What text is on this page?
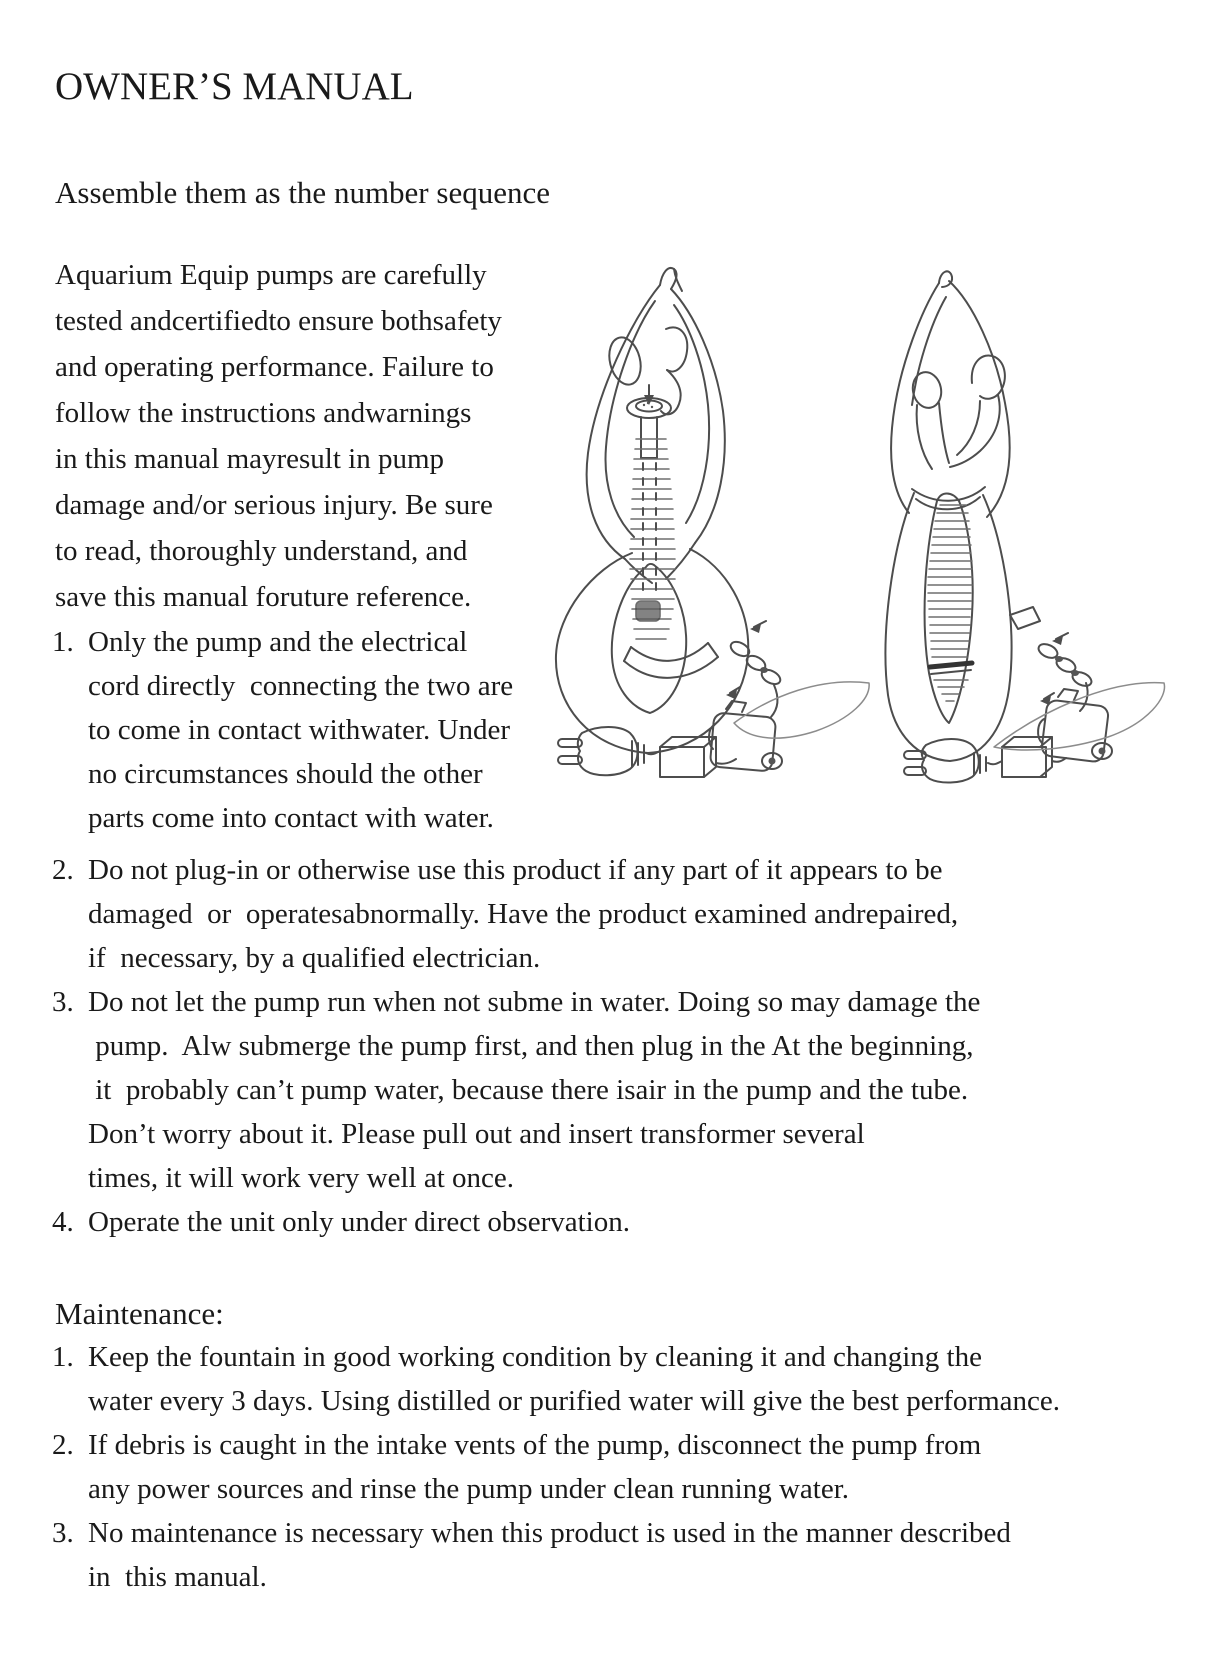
OWNER’S MANUAL
Assemble them as the number sequence
Aquarium Equip pumps are carefully
tested andcertifiedto ensure bothsafety
and operating performance. Failure to
follow the instructions andwarnings
in this manual mayresult in pump
damage and/or serious injury. Be sure
to read, thoroughly understand, and
save this manual foruture reference.
1. Only the pump and the electrical
cord directly  connecting the two are
to come in contact withwater. Under
no circumstances should the other
parts come into contact with water.
2. Do not plug-in or otherwise use this product if any part of it appears to be
damaged  or  operatesabnormally. Have the product examined andrepaired,
if  necessary, by a qualified electrician.
3. Do not let the pump run when not subme in water. Doing so may damage the
pump.  Alw submerge the pump first, and then plug in the At the beginning,
it  probably can’t pump water, because there isair in the pump and the tube.
Don’t worry about it. Please pull out and insert transformer several
times, it will work very well at once.
4. Operate the unit only under direct observation.
Maintenance:
1. Keep the fountain in good working condition by cleaning it and changing the
water every 3 days. Using distilled or purified water will give the best performance.
2. If debris is caught in the intake vents of the pump, disconnect the pump from
any power sources and rinse the pump under clean running water.
3. No maintenance is necessary when this product is used in the manner described
in  this manual.
